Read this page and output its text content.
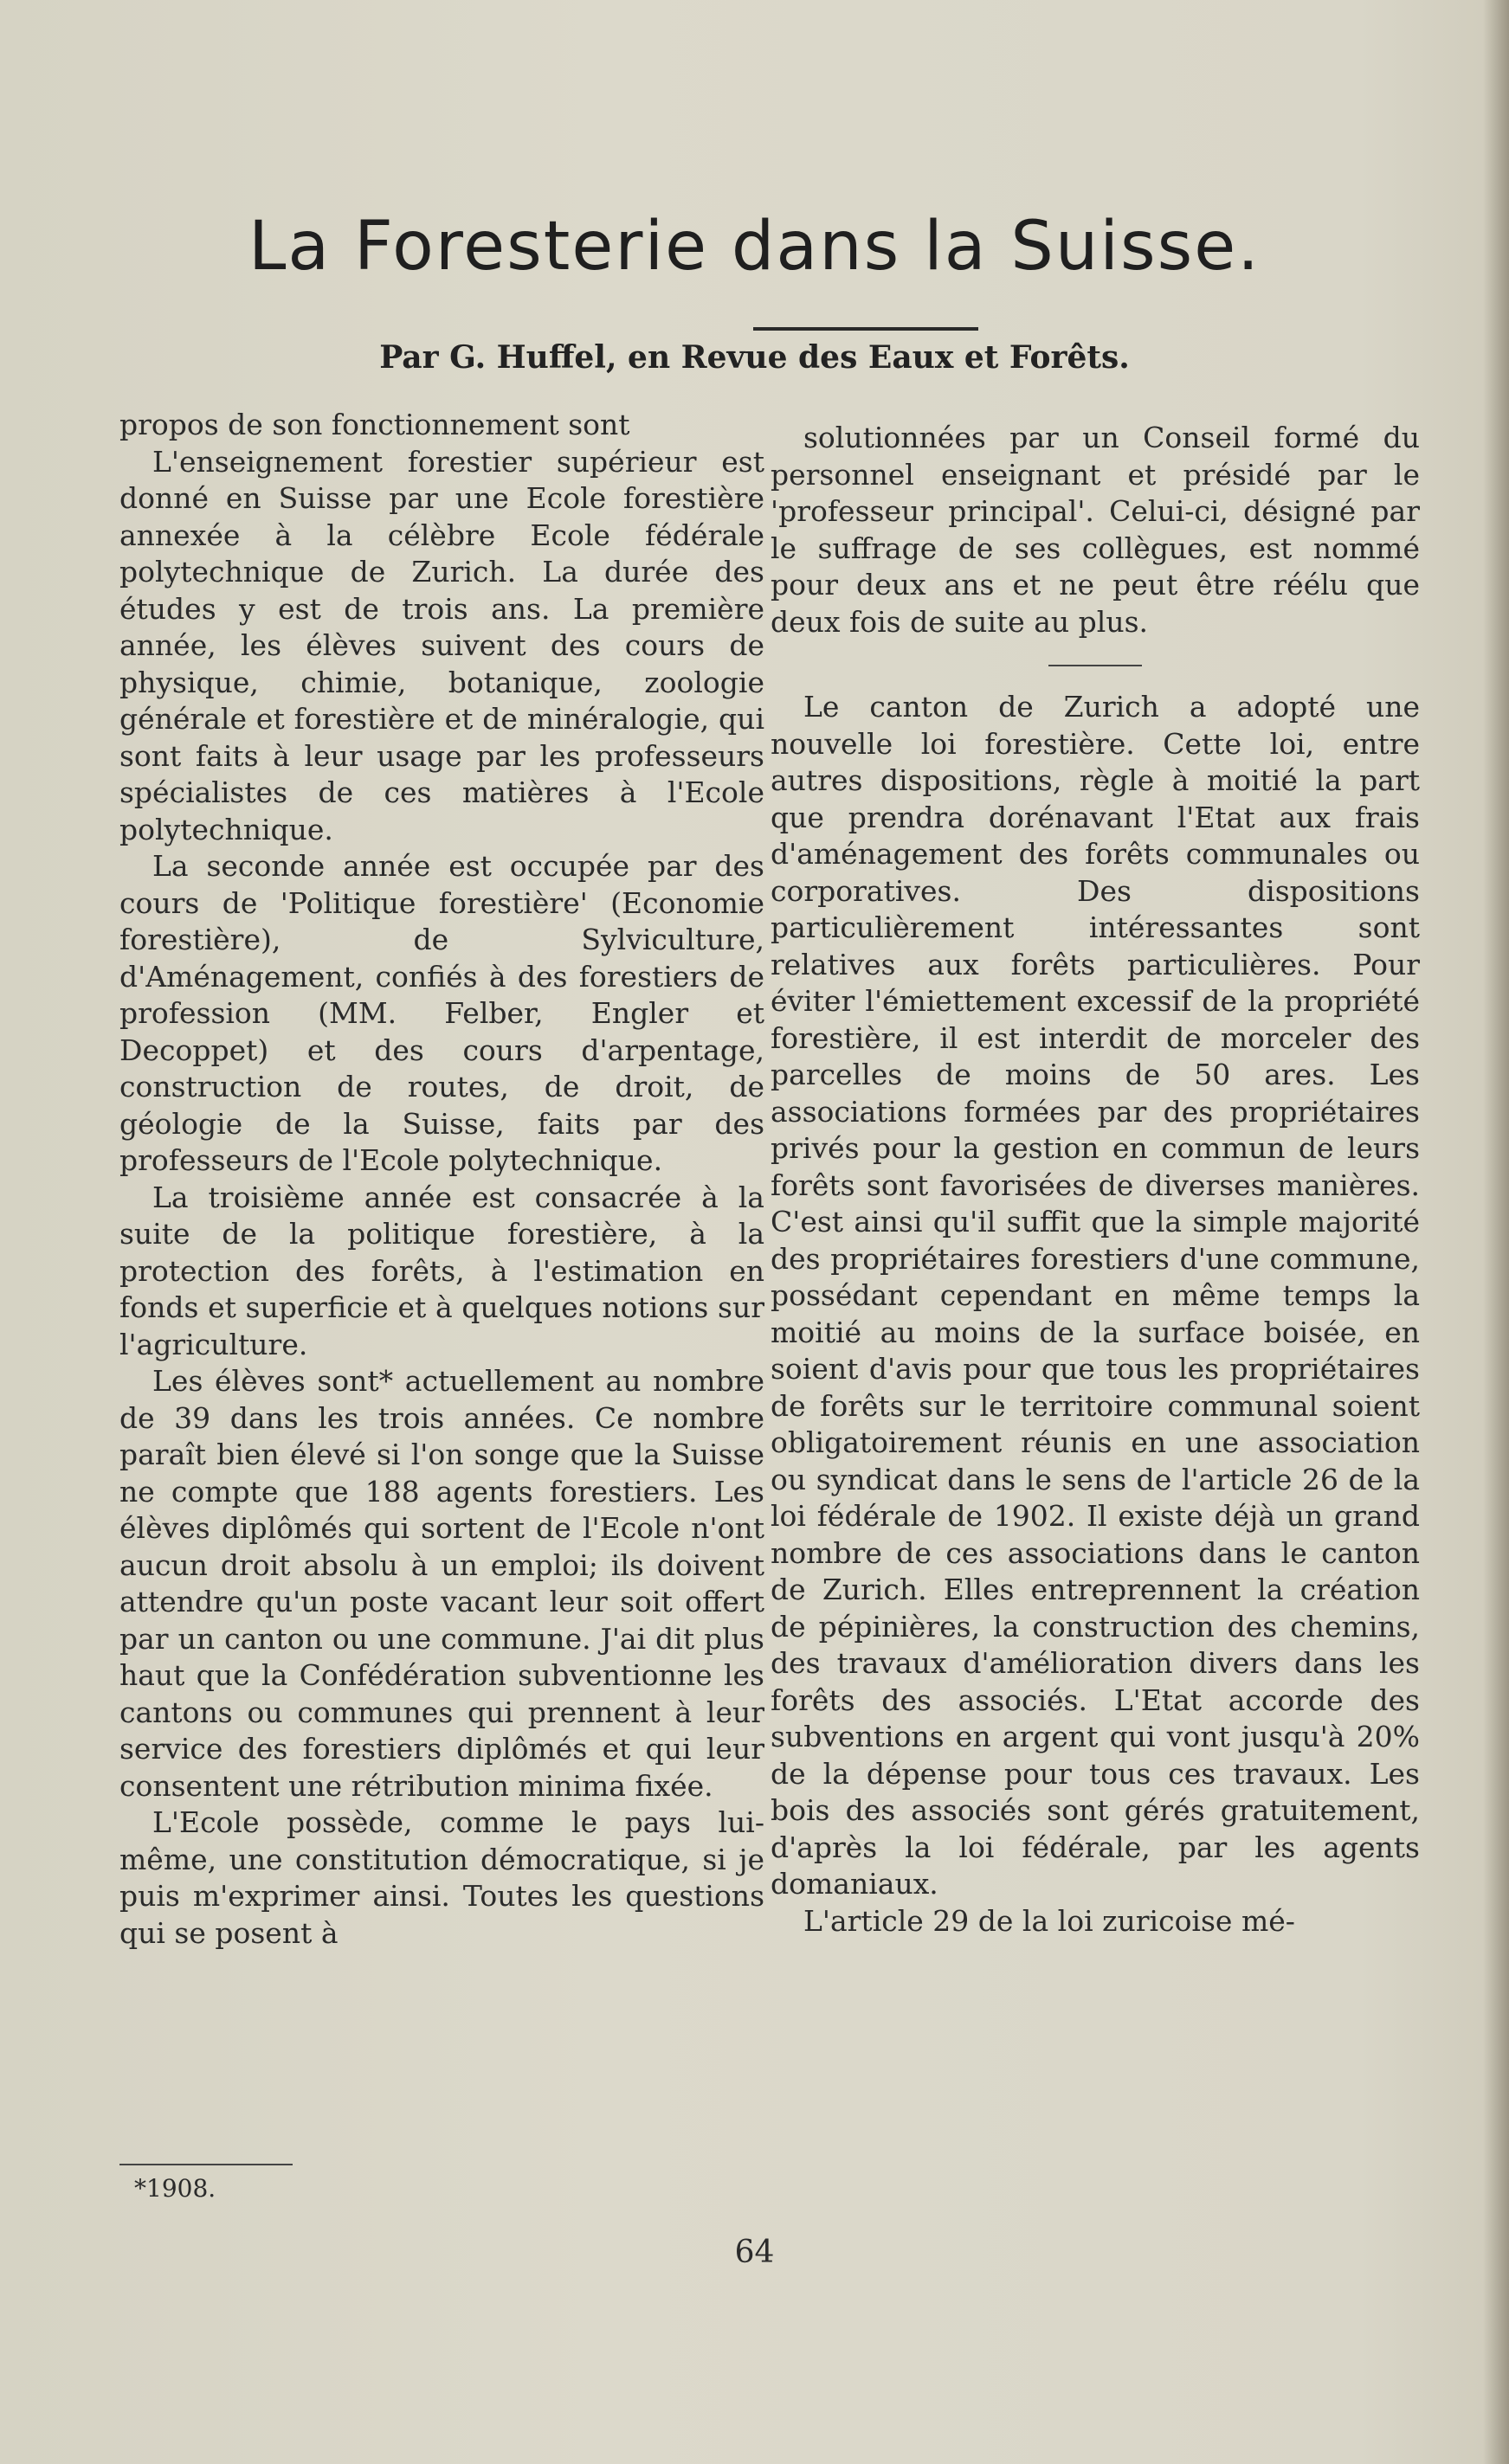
La Foresterie dans la Suisse.
Par G. Huffel, en Revue des Eaux et Forêts.

propos de son fonctionnement sont

L'enseignement forestier supérieur est donné en Suisse par une Ecole forestière annexée à la célèbre Ecole fédérale polytechnique de Zurich. La durée des études y est de trois ans. La première année, les élèves suivent des cours de physique, chimie, botanique, zoologie générale et forestière et de minéralogie, qui sont faits à leur usage par les professeurs spécialistes de ces matières à l'Ecole polytechnique.

La seconde année est occupée par des cours de 'Politique forestière' (Economie forestière), de Sylviculture, d'Aménagement, confiés à des forestiers de profession (MM. Felber, Engler et Decoppet) et des cours d'arpentage, construction de routes, de droit, de géologie de la Suisse, faits par des professeurs de l'Ecole polytechnique.

La troisième année est consacrée à la suite de la politique forestière, à la protection des forêts, à l'estimation en fonds et superficie et à quelques notions sur l'agriculture.

Les élèves sont* actuellement au nombre de 39 dans les trois années. Ce nombre paraît bien élevé si l'on songe que la Suisse ne compte que 188 agents forestiers. Les élèves diplômés qui sortent de l'Ecole n'ont aucun droit absolu à un emploi; ils doivent attendre qu'un poste vacant leur soit offert par un canton ou une commune. J'ai dit plus haut que la Confédération subventionne les cantons ou communes qui prennent à leur service des forestiers diplômés et qui leur consentent une rétribution minima fixée.

L'Ecole possède, comme le pays lui-même, une constitution démocratique, si je puis m'exprimer ainsi. Toutes les questions qui se posent à

solutionnées par un Conseil formé du personnel enseignant et présidé par le 'professeur principal'. Celui-ci, désigné par le suffrage de ses collègues, est nommé pour deux ans et ne peut être réélu que deux fois de suite au plus.

Le canton de Zurich a adopté une nouvelle loi forestière. Cette loi, entre autres dispositions, règle à moitié la part que prendra dorénavant l'Etat aux frais d'aménagement des forêts communales ou corporatives. Des dispositions particulièrement intéressantes sont relatives aux forêts particulières. Pour éviter l'émiettement excessif de la propriété forestière, il est interdit de morceler des parcelles de moins de 50 ares. Les associations formées par des propriétaires privés pour la gestion en commun de leurs forêts sont favorisées de diverses manières. C'est ainsi qu'il suffit que la simple majorité des propriétaires forestiers d'une commune, possédant cependant en même temps la moitié au moins de la surface boisée, en soient d'avis pour que tous les propriétaires de forêts sur le territoire communal soient obligatoirement réunis en une association ou syndicat dans le sens de l'article 26 de la loi fédérale de 1902. Il existe déjà un grand nombre de ces associations dans le canton de Zurich. Elles entreprennent la création de pépinières, la construction des chemins, des travaux d'amélioration divers dans les forêts des associés. L'Etat accorde des subventions en argent qui vont jusqu'à 20% de la dépense pour tous ces travaux. Les bois des associés sont gérés gratuitement, d'après la loi fédérale, par les agents domaniaux.

L'article 29 de la loi zuricoise mé-

*1908.
64
